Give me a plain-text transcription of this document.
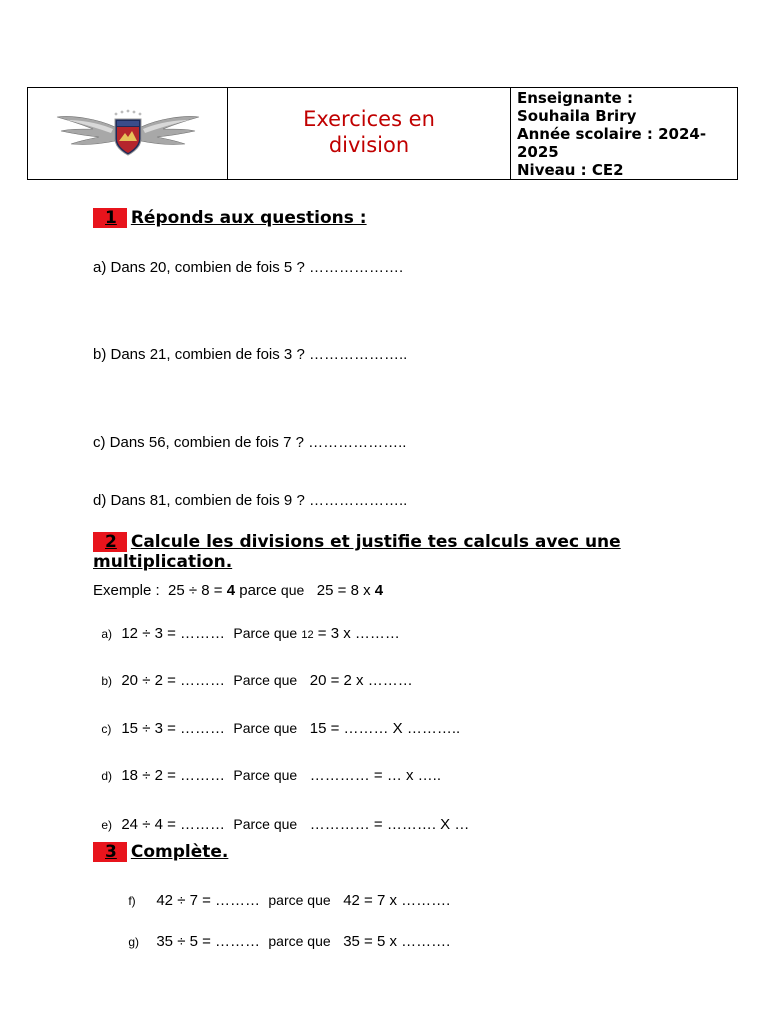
Exercices en
division
Enseignante :
Souhaila Briry
Année scolaire : 2024-
2025
Niveau : CE2
1 Réponds aux questions :
a) Dans 20, combien de fois 5 ? ……………….
b) Dans 21, combien de fois 3 ? ………………..
c) Dans 56, combien de fois 7 ? ………………..
d) Dans 81, combien de fois 9 ? ………………..
2 Calcule les divisions et justifie tes calculs avec une
multiplication.
Exemple :  25 ÷ 8 = 4 parce que   25 = 8 x 4

a) 12 ÷ 3 = ……… Parce que 12 = 3 x ………

b) 20 ÷ 2 = ……… Parce que 20 = 2 x ………

c) 15 ÷ 3 = ……… Parce que 15 = ……… X ………..

d) 18 ÷ 2 = ……… Parce que ………… = … x …..

e) 24 ÷ 4 = ……… Parce que ………… = ………. X …

3 Complète.

f) 42 ÷ 7 = ……… parce que 42 = 7 x ……….

g) 35 ÷ 5 = ……… parce que 35 = 5 x ……….
